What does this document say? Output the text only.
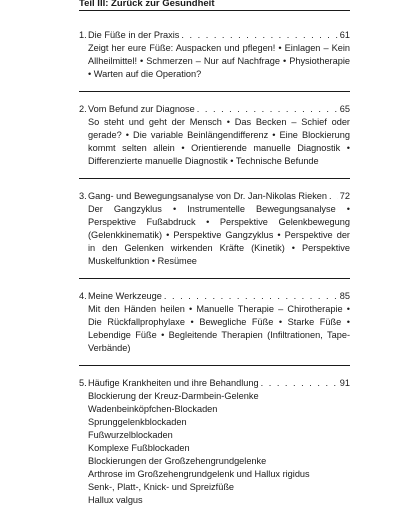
Teil III: Zurück zur Gesundheit
1. Die Füße in der Praxis . . .	61
Zeigt her eure Füße: Auspacken und pflegen! • Einlagen – Kein Allheilmittel! • Schmerzen – Nur auf Nachfrage • Physiotherapie • Warten auf die Operation?
2. Vom Befund zur Diagnose . . .	65
So steht und geht der Mensch • Das Becken – Schief oder gerade? • Die variable Beinlängendifferenz • Eine Blockierung kommt selten allein • Orientierende manuelle Diagnostik • Differenzierte manuelle Diagnostik • Technische Befunde
3. Gang- und Bewegungsanalyse von Dr. Jan-Nikolas Rieken . . . 72
Der Gangzyklus • Instrumentelle Bewegungsanalyse • Perspektive Fußabdruck • Perspektive Gelenkbewegung (Gelenkkinematik) • Perspektive Gangzyklus • Perspektive der in den Gelenken wirkenden Kräfte (Kinetik) • Perspektive Muskelfunktion • Resümee
4. Meine Werkzeuge . . .	85
Mit den Händen heilen • Manuelle Therapie – Chirotherapie • Die Rückfallprophylaxe • Bewegliche Füße • Starke Füße • Lebendige Füße • Begleitende Therapien (Infiltrationen, Tape-Verbände)
5. Häufige Krankheiten und ihre Behandlung . . .	91
Blockierung der Kreuz-Darmbein-Gelenke
Wadenbeinköpfchen-Blockaden
Sprunggelenkblockaden
Fußwurzelblockaden
Komplexe Fußblockaden
Blockierungen der Großzehengrundgelenke
Arthrose im Großzehengrundgelenk und Hallux rigidus
Senk-, Platt-, Knick- und Spreizfüße
Hallux valgus
